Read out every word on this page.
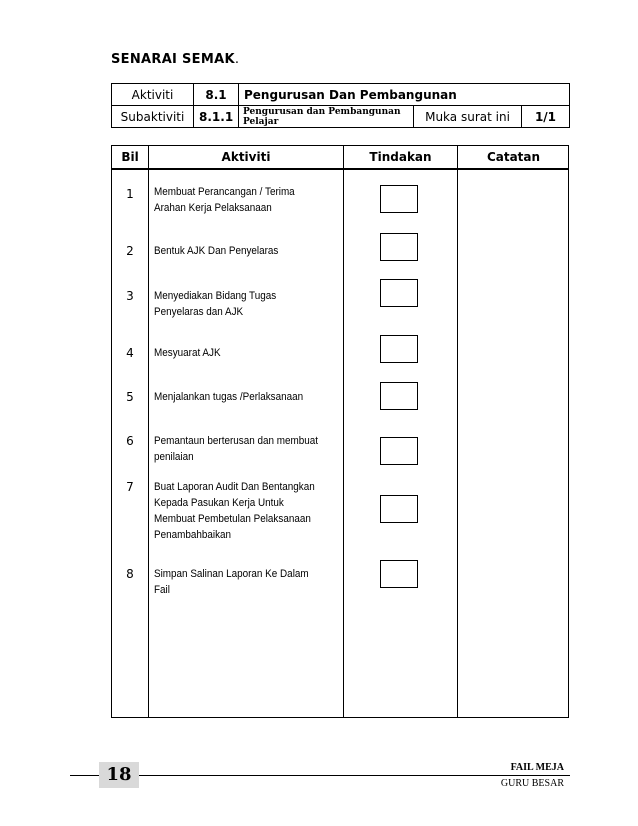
SENARAI SEMAK.
Aktiviti	8.1	Pengurusan Dan Pembangunan		
Subaktiviti	8.1.1	Pengurusan dan Pembangunan Pelajar	Muka surat ini	1/1
Bil	Aktiviti	Tindakan	Catatan
1	Membuat Perancangan / Terima Arahan Kerja Pelaksanaan
2	Bentuk AJK Dan Penyelaras
3	Menyediakan Bidang Tugas Penyelaras dan AJK
4	Mesyuarat AJK
5	Menjalankan tugas /Perlaksanaan
6	Pemantaun berterusan dan membuat penilaian
7	Buat Laporan Audit Dan Bentangkan Kepada Pasukan Kerja Untuk Membuat Pembetulan Pelaksanaan Penambahbaikan
8	Simpan Salinan Laporan Ke Dalam Fail
18	FAIL MEJA
GURU BESAR
